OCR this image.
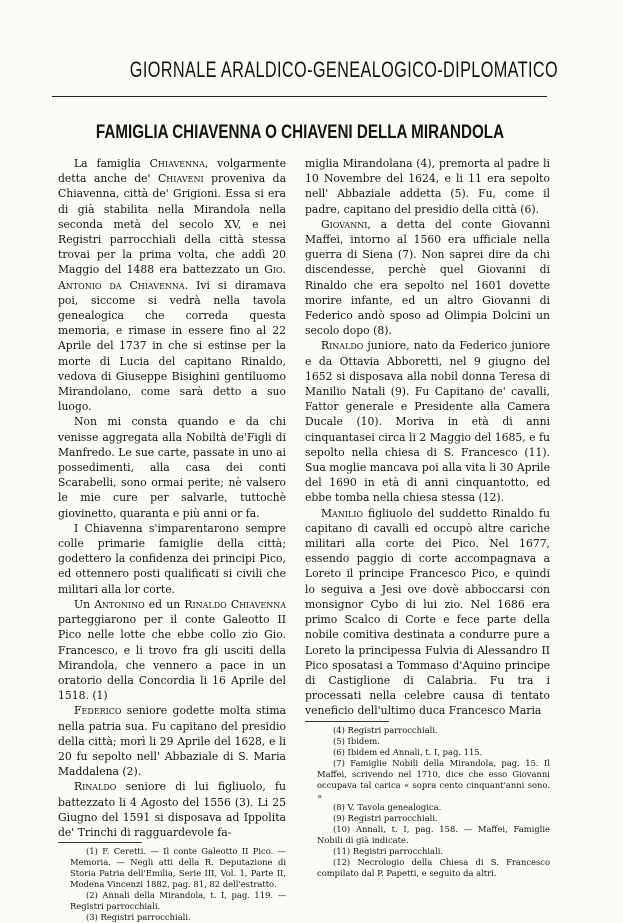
GIORNALE ARALDICO-GENEALOGICO-DIPLOMATICO
FAMIGLIA CHIAVENNA O CHIAVENI DELLA MIRANDOLA

La famiglia Chiavenna, volgarmente detta anche de' Chiaveni proveniva da Chiavenna, città de' Grigioni. Essa si era di già stabilita nella Mirandola nella seconda metà del secolo XV, e nei Registri parrocchiali della città stessa trovai per la prima volta, che addì 20 Maggio del 1488 era battezzato un Gio. Antonio da Chiavenna. Ivi si diramava poi, siccome si vedrà nella tavola genealogica che corredа questa memoria, e rimase in essere fino al 22 Aprile del 1737 in che si estinse per la morte di Lucia del capitano Rinaldo, vedova di Giuseppe Bisighini gentiluomo Mirandolano, come sarà detto a suo luogo.

Non mi consta quando e da chi venisse aggregata alla Nobiltà de'Figli di Manfredo. Le sue carte, passate in uno ai possedimenti, alla casa dei conti Scarabelli, sono ormai perite; nè valsero le mie cure per salvarle, tuttochè giovinetto, quaranta e più anni or fa.

I Chiavenna s'imparentarono sempre colle primarie famiglie della città; godettero la confidenza dei principi Pico, ed ottennero posti qualificati si civili che militari alla lor corte.

Un Antonino ed un Rinaldo Chiavenna parteggiarono per il conte Galeotto II Pico nelle lotte che ebbe collo zio Gio. Francesco, e li trovo fra gli usciti della Mirandola, che vennero a pace in un oratorio della Concordia li 16 Aprile del 1518. (1)

Federico seniore godette molta stima nella patria sua. Fu capitano del presidio della città; morì li 29 Aprile del 1628, e li 20 fu sepolto nell' Abbaziale di S. Maria Maddalena (2).

Rinaldo seniore di lui figliuolo, fu battezzato li 4 Agosto del 1556 (3). Li 25 Giugno del 1591 si disposava ad Ippolita de' Trinchi di ragguardevole fa-

(1) F. Ceretti. — Il conte Galeotto II Pico. — Memoria. — Negli atti della R. Deputazione di Storia Patria dell'Emilia, Serie III, Vol. 1, Parte II, Modena Vincenzi 1882, pag. 81, 82 dell'estratto.

(2) Annali della Mirandola, t. I, pag. 119. — Registri parrocchiali.

(3) Registri parrocchiali.

miglia Mirandolana (4), premorta al padre li 10 Novembre del 1624, e li 11 era sepolto nell' Abbaziale addetta (5). Fu, come il padre, capitano del presidio della città (6).

Giovanni, a detta del conte Giovanni Maffei, intorno al 1560 era ufficiale nella guerra di Siena (7). Non saprei dire da chi discendesse, perchè quel Giovanni di Rinaldo che era sepolto nel 1601 dovette morire infante, ed un altro Giovanni di Federico andò sposo ad Olimpia Dolcini un secolo dopo (8).

Rinaldo juniore, nato da Federico juniore e da Ottavia Abboretti, nel 9 giugno del 1652 si disposava alla nobil donna Teresa di Manilio Natali (9). Fu Capitano de' cavalli, Fattor generale e Presidente alla Camera Ducale (10). Moriva in età di anni cinquantasei circa li 2 Maggio del 1685, e fu sepolto nella chiesa di S. Francesco (11). Sua moglie mancava poi alla vita li 30 Aprile del 1690 in età di anni cinquantotto, ed ebbe tomba nella chiesa stessa (12).

Manilio figliuolo del suddetto Rinaldo fu capitano di cavalli ed occupò altre cariche militari alla corte dei Pico. Nel 1677, essendo paggio di corte accompagnava a Loreto il principe Francesco Pico, e quindi lo seguiva a Jesi ove dovè abboccarsi con monsignor Cybo di lui zio. Nel 1686 era primo Scalco di Corte e fece parte della nobile comitiva destinata a condurre pure a Loreto la principessa Fulvia di Alessandro II Pico sposatasi a Tommaso d'Aquino principe di Castiglione di Calabria. Fu tra i processati nella celebre causa di tentato veneficio dell'ultimo duca Francesco Maria

(4) Registri parrocchiali.

(5) Ibidem.

(6) Ibidem ed Annali, t. I, pag. 115.

(7) Famiglie Nobili della Mirandola, pag. 15. Il Maffei, scrivendo nel 1710, dice che esso Giovanni occupava tal carica « sopra cento cinquant'anni sono. »

(8) V. Tavola genealogica.

(9) Registri parrocchiali.

(10) Annali, t. I, pag. 158. — Maffei, Famiglie Nobili di già indicate.

(11) Registri parrocchiali.

(12) Necrologio della Chiesa di S. Francesco compilato dal P. Papetti, e seguito da altri.
